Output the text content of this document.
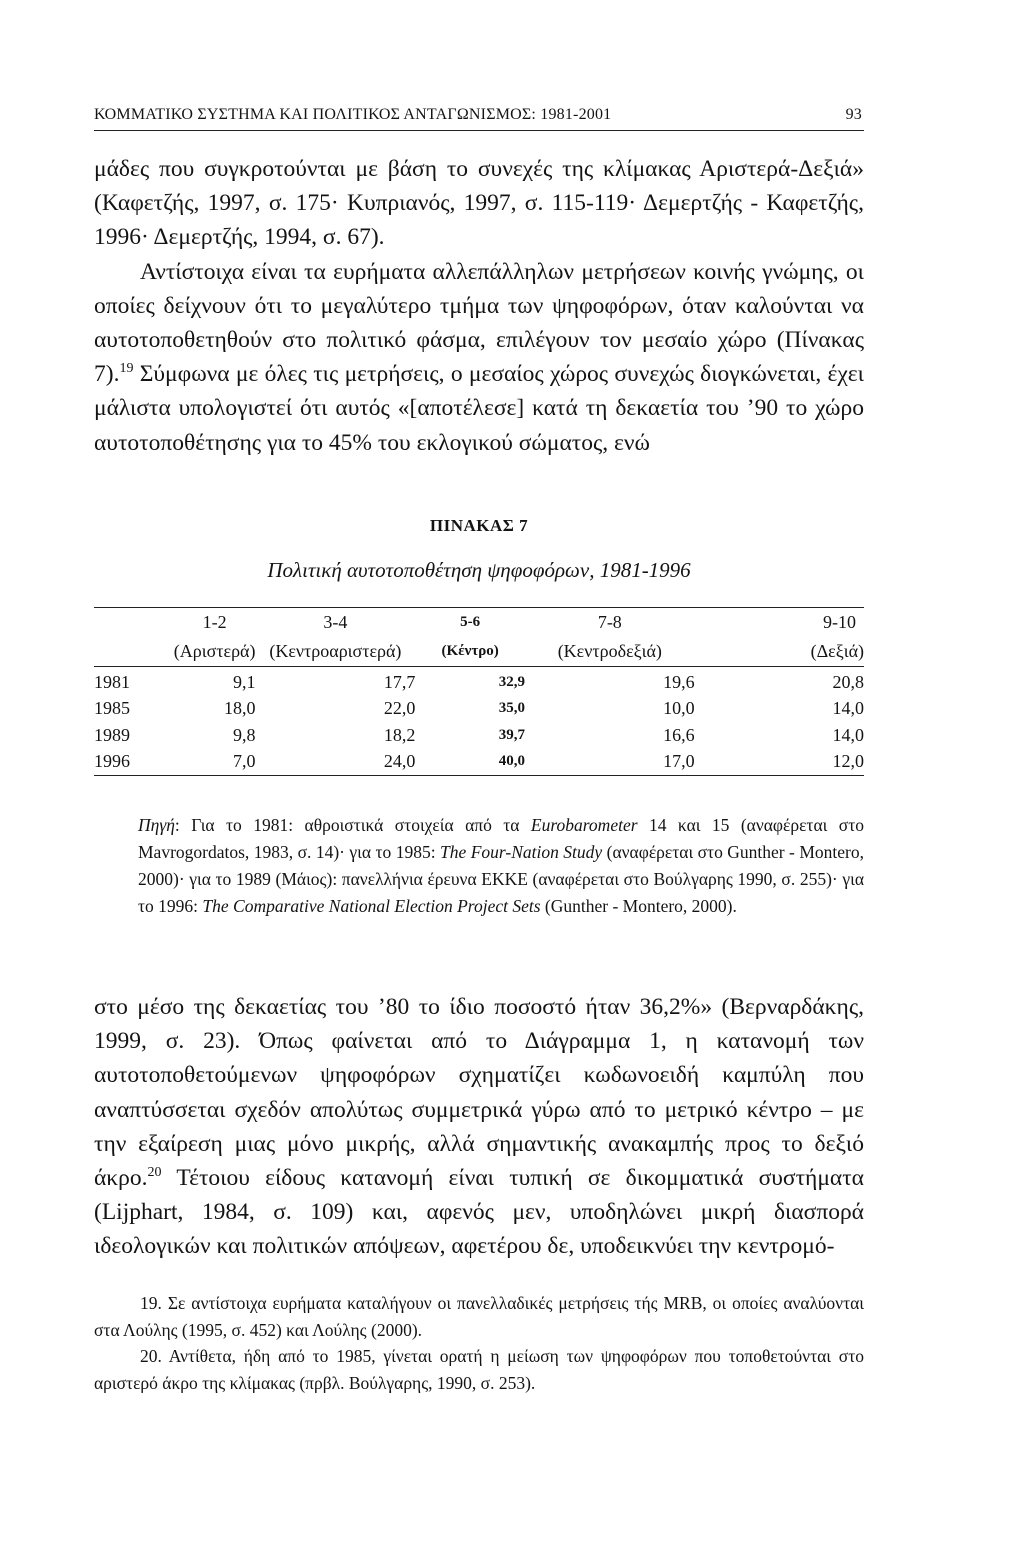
ΚΟΜΜΑΤΙΚΟ ΣΥΣΤΗΜΑ ΚΑΙ ΠΟΛΙΤΙΚΟΣ ΑΝΤΑΓΩΝΙΣΜΟΣ: 1981-2001	93

μάδες που συγκροτούνται με βάση το συνεχές της κλίμακας Αριστερά-Δεξιά» (Καφετζής, 1997, σ. 175· Κυπριανός, 1997, σ. 115-119· Δεμερτζής - Καφετζής, 1996· Δεμερτζής, 1994, σ. 67).

Αντίστοιχα είναι τα ευρήματα αλλεπάλληλων μετρήσεων κοινής γνώμης, οι οποίες δείχνουν ότι το μεγαλύτερο τμήμα των ψηφοφόρων, όταν καλούνται να αυτοτοποθετηθούν στο πολιτικό φάσμα, επιλέγουν τον μεσαίο χώρο (Πίνακας 7).$^{19}$ Σύμφωνα με όλες τις μετρήσεις, ο μεσαίος χώρος συνεχώς διογκώνεται, έχει μάλιστα υπολογιστεί ότι αυτός «[αποτέλεσε] κατά τη δεκαετία του ’90 το χώρο αυτοτοποθέτησης για το 45% του εκλογικού σώματος, ενώ

ΠΙΝΑΚΑΣ 7
Πολιτική αυτοτοποθέτηση ψηφοφόρων, 1981-1996
	1-2	3-4	5-6	7-8	9-10
	(Αριστερά)	(Κεντροαριστερά)	(Κέντρο)	(Κεντροδεξιά)	(Δεξιά)

1981	9,1	17,7	32,9	19,6	20,8
1985	18,0	22,0	35,0	10,0	14,0
1989	9,8	18,2	39,7	16,6	14,0
1996	7,0	24,0	40,0	17,0	12,0
Πηγή: Για το 1981: αθροιστικά στοιχεία από τα Eurobarometer 14 και 15 (αναφέρεται στο Mavrogordatos, 1983, σ. 14)· για το 1985: The Four-Nation Study (αναφέρεται στο Gunther - Montero, 2000)· για το 1989 (Μάιος): πανελλήνια έρευνα ΕΚΚΕ (αναφέρεται στο Βούλγαρης 1990, σ. 255)· για το 1996: The Comparative National Election Project Sets (Gunther - Montero, 2000).

στο μέσο της δεκαετίας του ’80 το ίδιο ποσοστό ήταν 36,2%» (Βερναρδάκης, 1999, σ. 23). Όπως φαίνεται από το Διάγραμμα 1, η κατανομή των αυτοτοποθετούμενων ψηφοφόρων σχηματίζει κωδωνοειδή καμπύλη που αναπτύσσεται σχεδόν απολύτως συμμετρικά γύρω από το μετρικό κέντρο – με την εξαίρεση μιας μόνο μικρής, αλλά σημαντικής ανακαμπής προς το δεξιό άκρο.$^{20}$ Τέτοιου είδους κατανομή είναι τυπική σε δικομματικά συστήματα (Lijphart, 1984, σ. 109) και, αφενός μεν, υποδηλώνει μικρή διασπορά ιδεολογικών και πολιτικών απόψεων, αφετέρου δε, υποδεικνύει την κεντρομό-

19. Σε αντίστοιχα ευρήματα καταλήγουν οι πανελλαδικές μετρήσεις τής MRB, οι οποίες αναλύονται στα Λούλης (1995, σ. 452) και Λούλης (2000).

20. Αντίθετα, ήδη από το 1985, γίνεται ορατή η μείωση των ψηφοφόρων που τοποθετούνται στο αριστερό άκρο της κλίμακας (πρβλ. Βούλγαρης, 1990, σ. 253).
